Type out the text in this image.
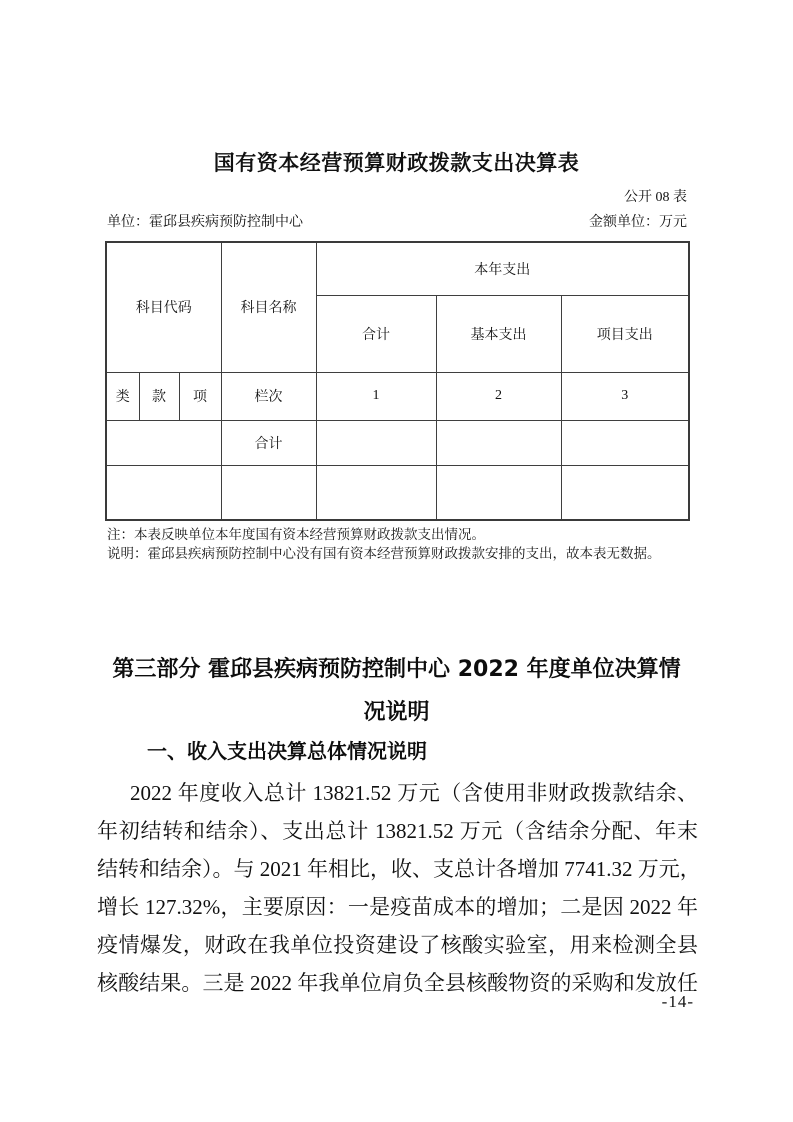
国有资本经营预算财政拨款支出决算表
公开 08 表
单位：霍邱县疾病预防控制中心	金额单位：万元
科目代码			科目名称	本年支出		
				合计	基本支出	项目支出
类	款	项	栏次	1	2	3
			合计			

注：本表反映单位本年度国有资本经营预算财政拨款支出情况。
说明：霍邱县疾病预防控制中心没有国有资本经营预算财政拨款安排的支出，故本表无数据。
第三部分 霍邱县疾病预防控制中心 2022 年度单位决算情
况说明
一、收入支出决算总体情况说明
2022 年度收入总计 13821.52 万元（含使用非财政拨款结余、
年初结转和结余）、支出总计 13821.52 万元（含结余分配、年末
结转和结余）。与 2021 年相比，收、支总计各增加 7741.32 万元，
增长 127.32%，主要原因：一是疫苗成本的增加；二是因 2022 年
疫情爆发，财政在我单位投资建设了核酸实验室，用来检测全县
核酸结果。三是 2022 年我单位肩负全县核酸物资的采购和发放任
-14-
